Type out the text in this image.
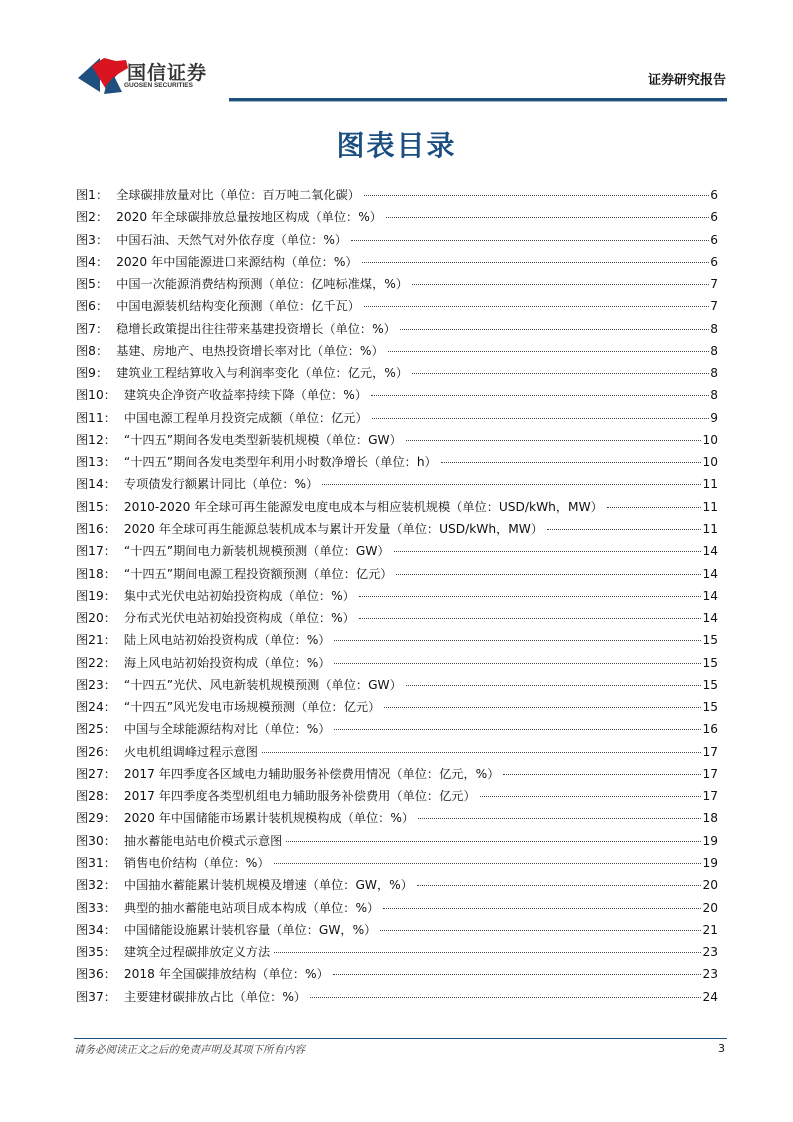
国信证券
GUOSEN SECURITIES	证券研究报告
图表目录
图1： 全球碳排放量对比（单位：百万吨二氧化碳）	6
图2： 2020 年全球碳排放总量按地区构成（单位：%）	6
图3： 中国石油、天然气对外依存度（单位：%）	6
图4： 2020 年中国能源进口来源结构（单位：%）	6
图5： 中国一次能源消费结构预测（单位：亿吨标准煤，%）	7
图6： 中国电源装机结构变化预测（单位：亿千瓦）	7
图7： 稳增长政策提出往往带来基建投资增长（单位：%）	8
图8： 基建、房地产、电热投资增长率对比（单位：%）	8
图9： 建筑业工程结算收入与利润率变化（单位：亿元，%）	8
图10： 建筑央企净资产收益率持续下降（单位：%）	8
图11： 中国电源工程单月投资完成额（单位：亿元）	9
图12： “十四五”期间各发电类型新装机规模（单位：GW）	10
图13： “十四五”期间各发电类型年利用小时数净增长（单位：h）	10
图14： 专项债发行额累计同比（单位：%）	11
图15： 2010-2020 年全球可再生能源发电度电成本与相应装机规模（单位：USD/kWh，MW）	11
图16： 2020 年全球可再生能源总装机成本与累计开发量（单位：USD/kWh，MW）	11
图17： “十四五”期间电力新装机规模预测（单位：GW）	14
图18： “十四五”期间电源工程投资额预测（单位：亿元）	14
图19： 集中式光伏电站初始投资构成（单位：%）	14
图20： 分布式光伏电站初始投资构成（单位：%）	14
图21： 陆上风电站初始投资构成（单位：%）	15
图22： 海上风电站初始投资构成（单位：%）	15
图23： “十四五”光伏、风电新装机规模预测（单位：GW）	15
图24： “十四五”风光发电市场规模预测（单位：亿元）	15
图25： 中国与全球能源结构对比（单位：%）	16
图26： 火电机组调峰过程示意图	17
图27： 2017 年四季度各区域电力辅助服务补偿费用情况（单位：亿元，%）	17
图28： 2017 年四季度各类型机组电力辅助服务补偿费用（单位：亿元）	17
图29： 2020 年中国储能市场累计装机规模构成（单位：%）	18
图30： 抽水蓄能电站电价模式示意图	19
图31： 销售电价结构（单位：%）	19
图32： 中国抽水蓄能累计装机规模及增速（单位：GW，%）	20
图33： 典型的抽水蓄能电站项目成本构成（单位：%）	20
图34： 中国储能设施累计装机容量（单位：GW，%）	21
图35： 建筑全过程碳排放定义方法	23
图36： 2018 年全国碳排放结构（单位：%）	23
图37： 主要建材碳排放占比（单位：%）	24
请务必阅读正文之后的免责声明及其项下所有内容	3
